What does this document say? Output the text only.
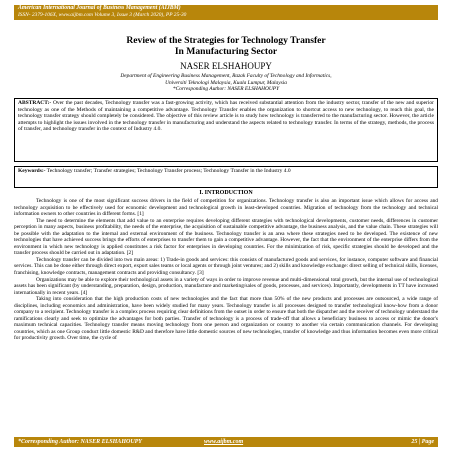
American International Journal of Business Management (AIJBM)
ISSN- 2379-106X, www.aijbm.com Volume 3, Issue 3 (March 2020), PP 25-30
Review of the Strategies for Technology Transfer
In Manufacturing Sector
NASER ELSHAHOUPY
Department of Engineering Business Management, Razak Faculty of Technology and Informatics,
Universiti Teknologi Malaysia, Kuala Lumpur, Malaysia
*Corresponding Author: NASER ELSHAHOUPY
ABSTRACT:- Over the past decades, Technology transfer was a fast-growing activity, which has received substantial attention from the industry sector, transfer of the new and superior technology as one of the Methods of maintaining a competitive advantage. Technology Transfer enables the organization to shortcut access to new technology, to reach this goal, the technology transfer strategy should completely be considered. The objective of this review article is to study how technology is transferred to the manufacturing sector. However, the article attempts to highlight the issues involved in the technology transfer in manufacturing and understand the aspects related to technology transfer. In terms of the strategy, methods, the process of transfer, and technology transfer in the context of Industry 4.0.
Keywords:- Technology transfer; Transfer strategies; Technology Transfer process; Technology Transfer in the Industry 4.0
I. INTRODUCTION

Technology is one of the most significant success drivers in the field of competition for organizations. Technology transfer is also an important issue which allows for access and technology acquisition to be effectively used for economic development and technological growth in least-developed countries. Migration of technology from the technology and technical information owners to other countries in different forms. [1]

The need to determine the elements that add value to an enterprise requires developing different strategies with technological developments, customer needs, differences in customer perception in many aspects, business profitability, the needs of the enterprise, the acquisition of sustainable competitive advantage, the business analysis, and the value chain. These strategies will be possible with the adaptation to the internal and external environment of the business. Technology transfer is an area where these strategies need to be developed. The existence of new technologies that have achieved success brings the efforts of enterprises to transfer them to gain a competitive advantage. However, the fact that the environment of the enterprise differs from the environment in which new technology is applied constitutes a risk factor for enterprises in developing countries. For the minimization of risk, specific strategies should be developed and the transfer process should be carried out in adaptation. [2]

Technology transfer can be divided into two main areas: 1) Trade-in goods and services: this consists of manufactured goods and services, for instance, computer software and financial services. This can be done either through direct export, export sales teams or local agents or through joint ventures; and 2) skills and knowledge exchange: direct selling of technical skills, licenses, franchising, knowledge contracts, management contracts and providing consultancy. [3]

Organizations may be able to explore their technological assets in a variety of ways in order to improve revenue and multi-dimensional total growth, but the internal use of technological assets has been significant (by understanding, preparation, design, production, manufacture and marketing/sales of goods, processes, and services). Importantly, developments in TT have increased internationally in recent years. [4]

Taking into consideration that the high production costs of new technologies and the fact that more than 50% of the new products and processes are outsourced, a wide range of disciplines, including economics and administration, have been widely studied for many years. Technology transfer is all processes designed to transfer technological know-how from a donor company to a recipient. Technology transfer is a complex process requiring clear definitions from the outset in order to ensure that both the dispatcher and the receiver of technology understand the ramifications clearly and seek to optimize the advantages for both parties. Transfer of technology is a process of trade-off that allows a beneficiary business to access or mimic the donor's maximum technical capacities. Technology transfer means moving technology from one person and organization or country to another via certain communication channels. For developing countries, which as one Group conduct little domestic R&D and therefore have little domestic sources of new technologies, transfer of knowledge and thus information becomes even more critical for productivity growth. Over time, the cycle of

*Corresponding Author: NASER ELSHAHOUPY	www.aijbm.com	25 | Page
